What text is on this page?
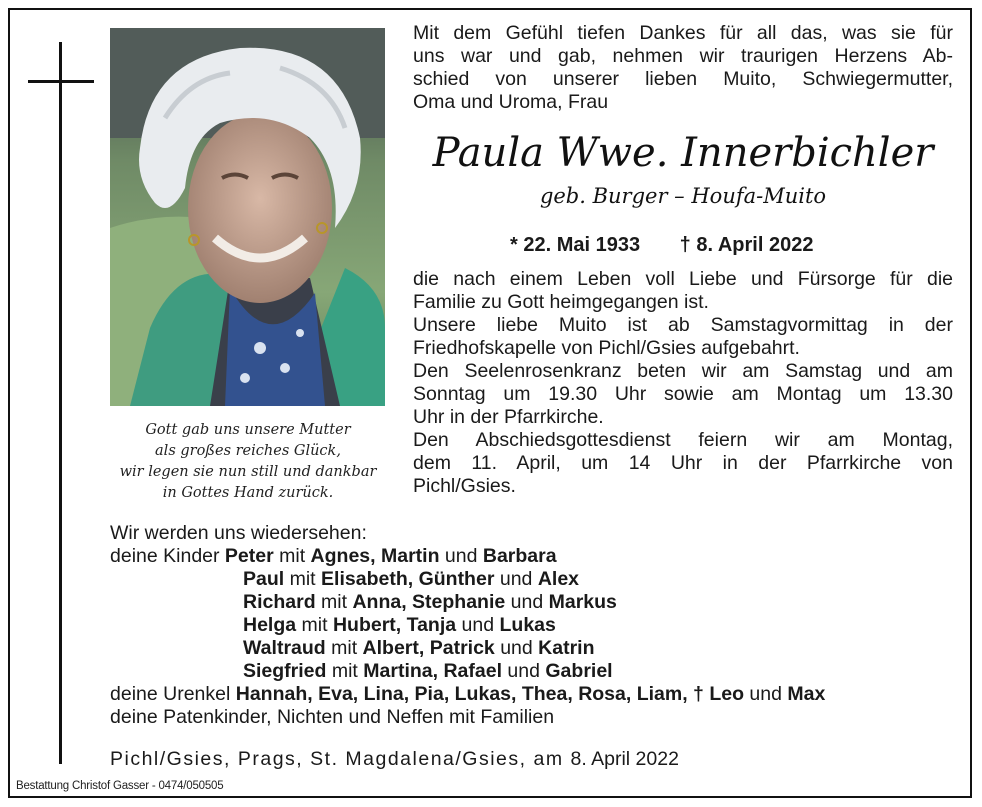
Gott gab uns unsere Mutter
als großes reiches Glück,
wir legen sie nun still und dankbar
in Gottes Hand zurück.
Mit dem Gefühl tiefen Dankes für all das, was sie für
uns war und gab, nehmen wir traurigen Herzens Ab-
schied von unserer lieben Muito, Schwiegermutter,
Oma und Uroma, Frau
Paula Wwe. Innerbichler
geb. Burger – Houfa-Muito
* 22. Mai 1933 † 8. April 2022
die nach einem Leben voll Liebe und Fürsorge für die
Familie zu Gott heimgegangen ist.
Unsere liebe Muito ist ab Samstagvormittag in der
Friedhofskapelle von Pichl/Gsies aufgebahrt.
Den Seelenrosenkranz beten wir am Samstag und am
Sonntag um 19.30 Uhr sowie am Montag um 13.30
Uhr in der Pfarrkirche.
Den Abschiedsgottesdienst feiern wir am Montag,
dem 11. April, um 14 Uhr in der Pfarrkirche von
Pichl/Gsies.
Wir werden uns wiedersehen:
deine Kinder Peter mit Agnes, Martin und Barbara
Paul mit Elisabeth, Günther und Alex
Richard mit Anna, Stephanie und Markus
Helga mit Hubert, Tanja und Lukas
Waltraud mit Albert, Patrick und Katrin
Siegfried mit Martina, Rafael und Gabriel
deine Urenkel Hannah, Eva, Lina, Pia, Lukas, Thea, Rosa, Liam, † Leo und Max
deine Patenkinder, Nichten und Neffen mit Familien
Pichl/Gsies, Prags, St. Magdalena/Gsies, am 8. April 2022
Bestattung Christof Gasser - 0474/050505
